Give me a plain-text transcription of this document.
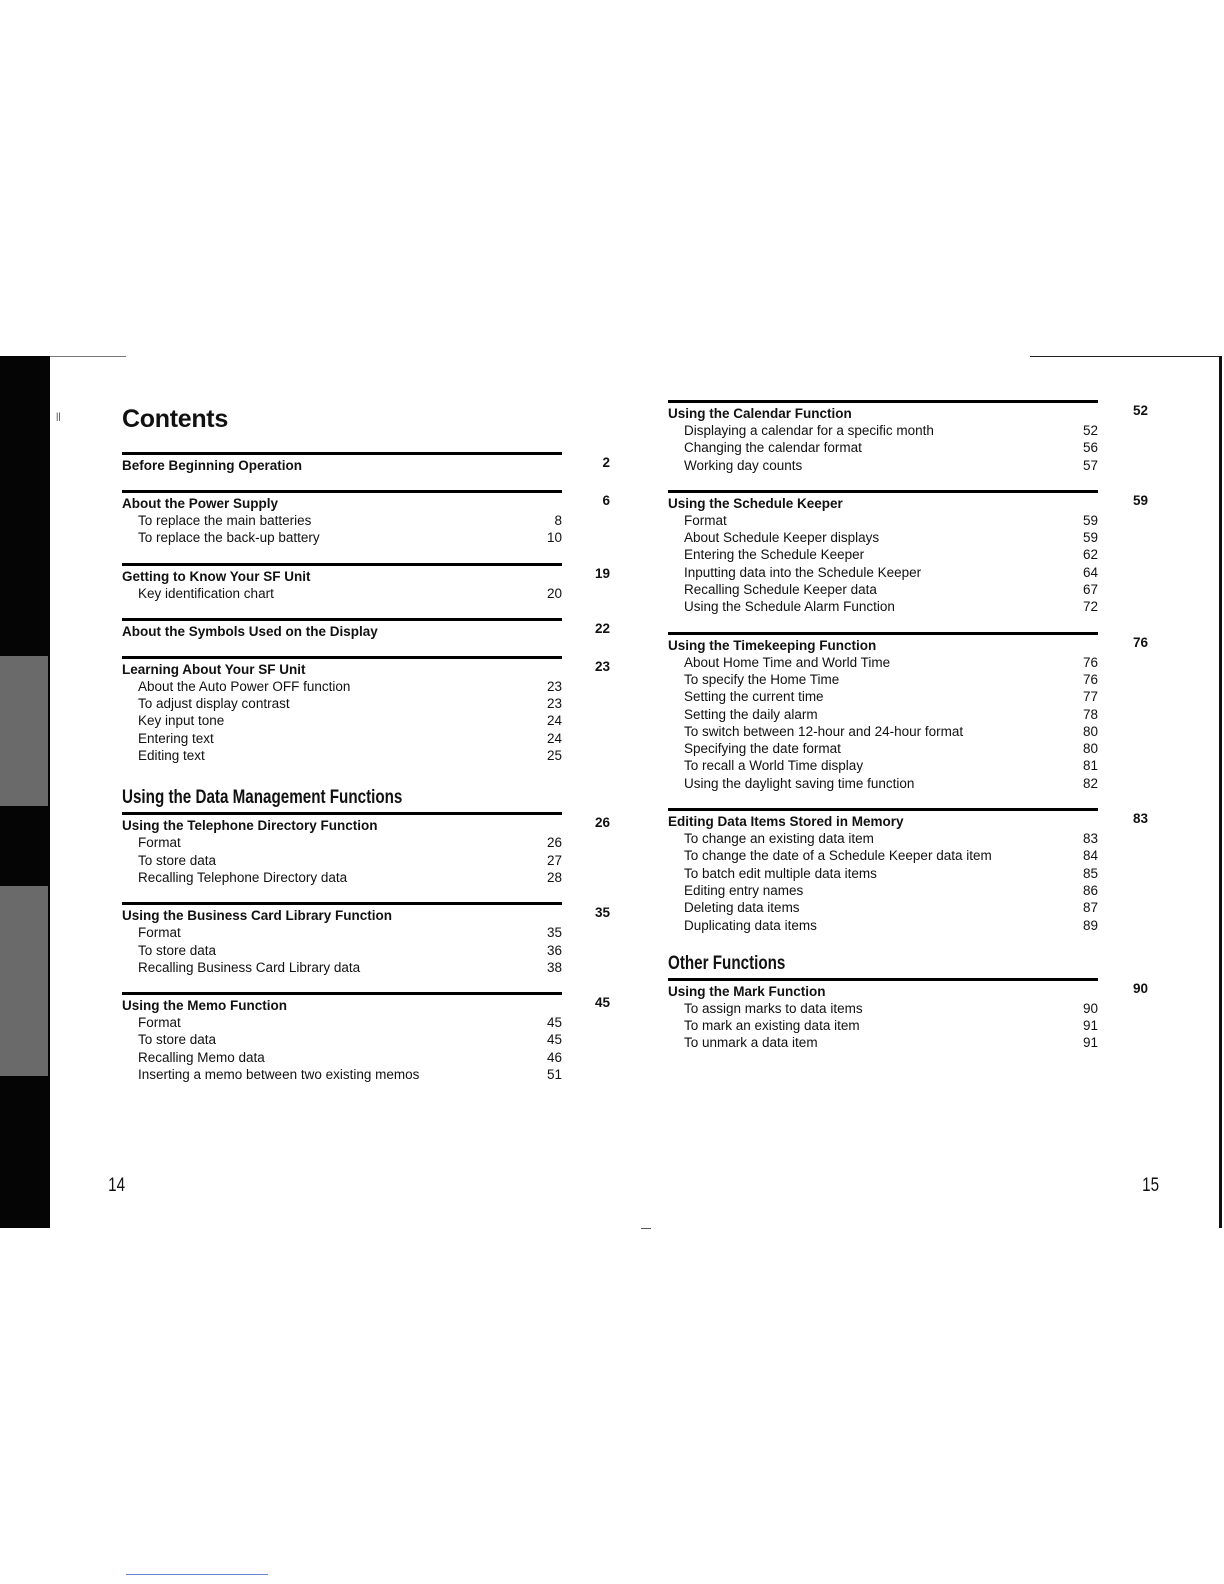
|| Contents
Before Beginning Operation	2
About the Power Supply	6
To replace the main batteries	8
To replace the back-up battery	10
Getting to Know Your SF Unit	19
Key identification chart	20
About the Symbols Used on the Display	22
Learning About Your SF Unit	23
About the Auto Power OFF function	23
To adjust display contrast	23
Key input tone	24
Entering text	24
Editing text	25
Using the Data Management Functions
Using the Telephone Directory Function	26
Format	26
To store data	27
Recalling Telephone Directory data	28
Using the Business Card Library Function	35
Format	35
To store data	36
Recalling Business Card Library data	38
Using the Memo Function	45
Format	45
To store data	45
Recalling Memo data	46
Inserting a memo between two existing memos	51
Using the Calendar Function	52
Displaying a calendar for a specific month	52
Changing the calendar format	56
Working day counts	57
Using the Schedule Keeper	59
Format	59
About Schedule Keeper displays	59
Entering the Schedule Keeper	62
Inputting data into the Schedule Keeper	64
Recalling Schedule Keeper data	67
Using the Schedule Alarm Function	72
Using the Timekeeping Function	76
About Home Time and World Time	76
To specify the Home Time	76
Setting the current time	77
Setting the daily alarm	78
To switch between 12-hour and 24-hour format	80
Specifying the date format	80
To recall a World Time display	81
Using the daylight saving time function	82
Editing Data Items Stored in Memory	83
To change an existing data item	83
To change the date of a Schedule Keeper data item	84
To batch edit multiple data items	85
Editing entry names	86
Deleting data items	87
Duplicating data items	89
Other Functions
Using the Mark Function	90
To assign marks to data items	90
To mark an existing data item	91
To unmark a data item	91
14	15
